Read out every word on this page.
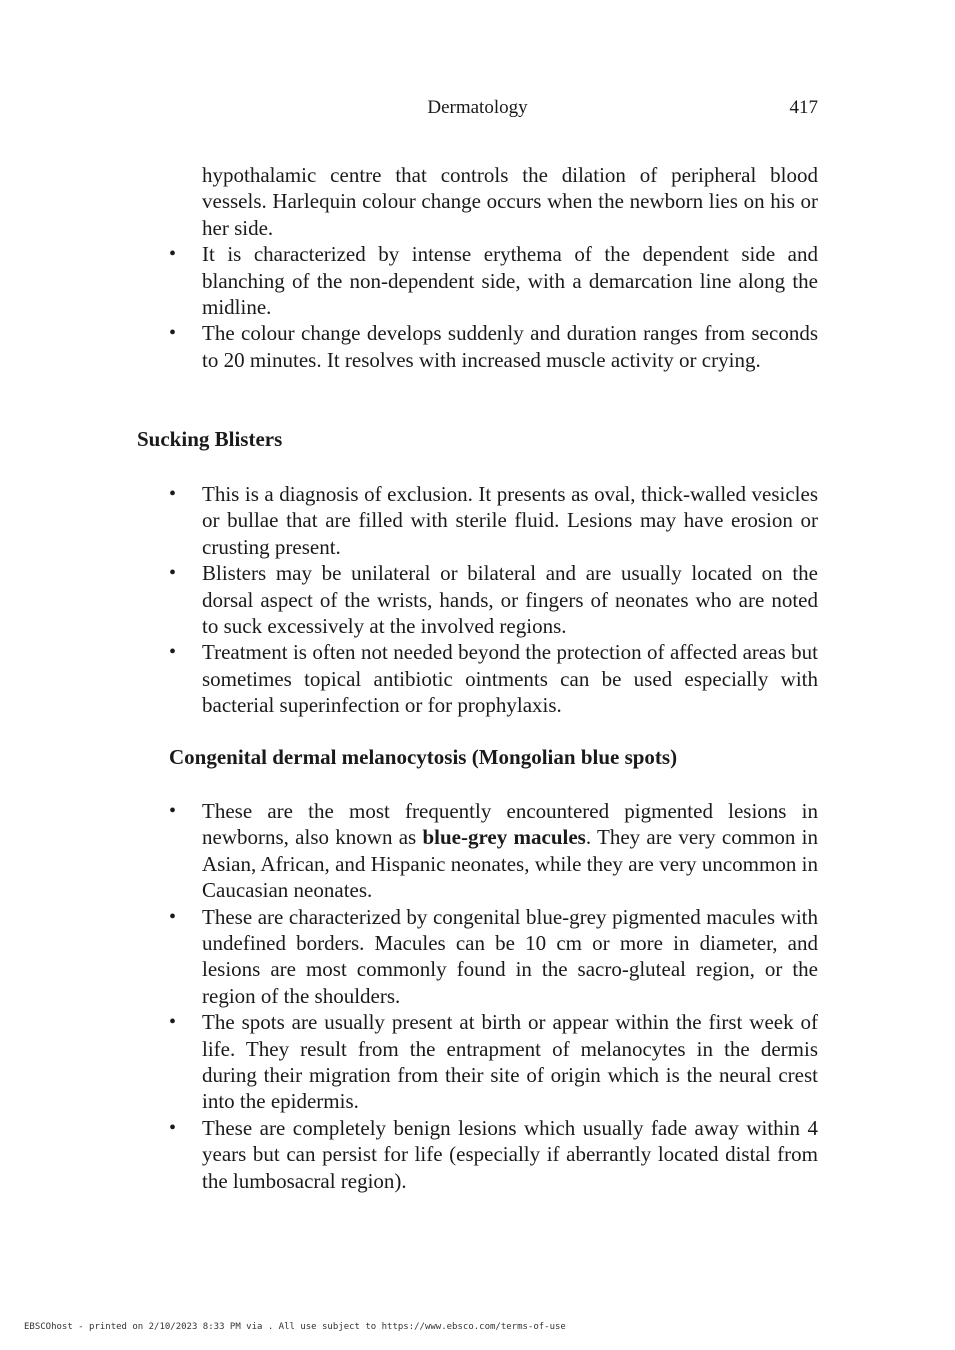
Dermatology	417

hypothalamic centre that controls the dilation of peripheral blood vessels. Harlequin colour change occurs when the newborn lies on his or her side.

• It is characterized by intense erythema of the dependent side and blanching of the non-dependent side, with a demarcation line along the midline.
• The colour change develops suddenly and duration ranges from seconds to 20 minutes. It resolves with increased muscle activity or crying.
Sucking Blisters
• This is a diagnosis of exclusion. It presents as oval, thick-walled vesicles or bullae that are filled with sterile fluid. Lesions may have erosion or crusting present.
• Blisters may be unilateral or bilateral and are usually located on the dorsal aspect of the wrists, hands, or fingers of neonates who are noted to suck excessively at the involved regions.
• Treatment is often not needed beyond the protection of affected areas but sometimes topical antibiotic ointments can be used especially with bacterial superinfection or for prophylaxis.
Congenital dermal melanocytosis (Mongolian blue spots)
• These are the most frequently encountered pigmented lesions in newborns, also known as blue-grey macules. They are very common in Asian, African, and Hispanic neonates, while they are very uncommon in Caucasian neonates.
• These are characterized by congenital blue-grey pigmented macules with undefined borders. Macules can be 10 cm or more in diameter, and lesions are most commonly found in the sacro-gluteal region, or the region of the shoulders.
• The spots are usually present at birth or appear within the first week of life. They result from the entrapment of melanocytes in the dermis during their migration from their site of origin which is the neural crest into the epidermis.
• These are completely benign lesions which usually fade away within 4 years but can persist for life (especially if aberrantly located distal from the lumbosacral region).
EBSCOhost - printed on 2/10/2023 8:33 PM via . All use subject to https://www.ebsco.com/terms-of-use
